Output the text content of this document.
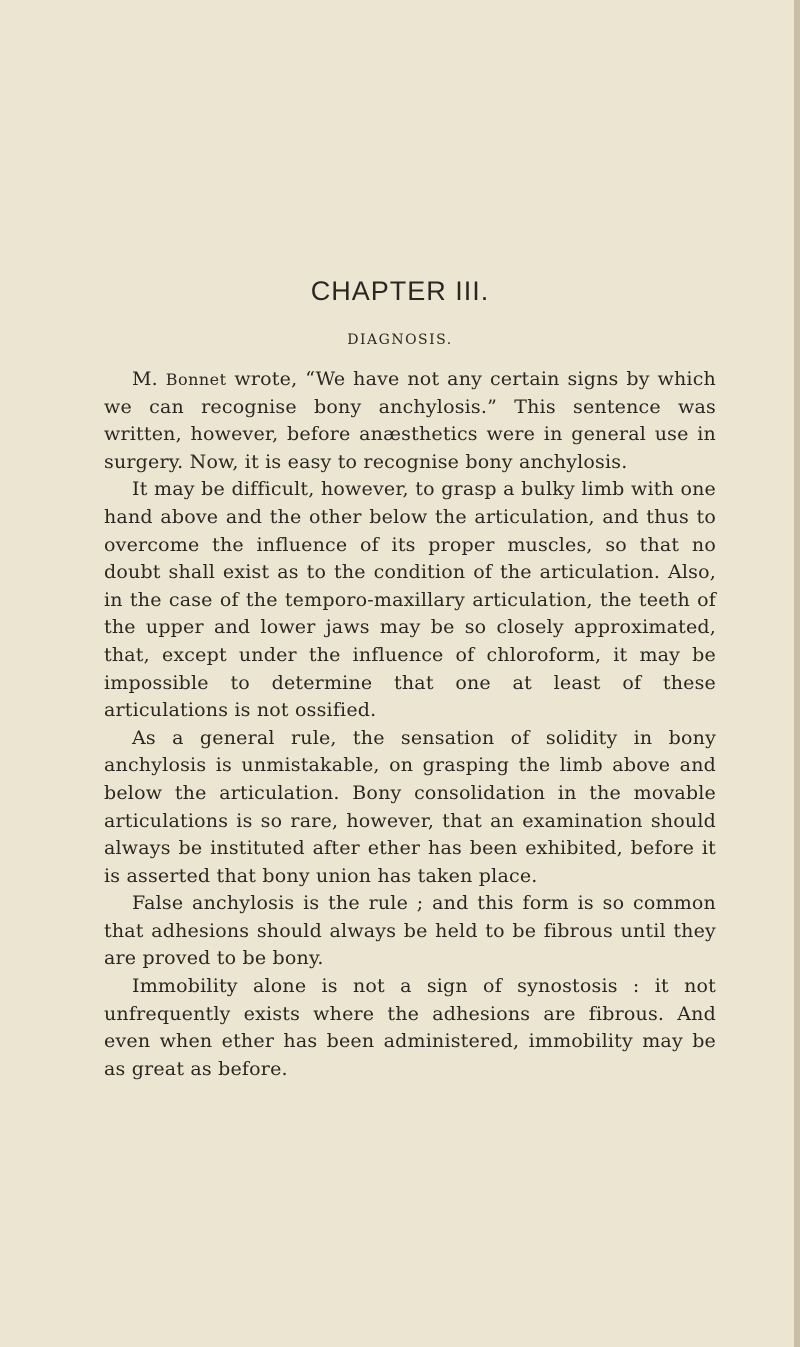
CHAPTER III.
DIAGNOSIS.

M. Bonnet wrote, “We have not any certain signs by which we can recognise bony anchylosis.” This sentence was written, however, before anæsthetics were in general use in surgery. Now, it is easy to recognise bony anchylosis.

It may be difficult, however, to grasp a bulky limb with one hand above and the other below the articulation, and thus to overcome the influence of its proper muscles, so that no doubt shall exist as to the condition of the articulation. Also, in the case of the temporo-maxillary articulation, the teeth of the upper and lower jaws may be so closely approximated, that, except under the influence of chloroform, it may be impossible to determine that one at least of these articulations is not ossified.

As a general rule, the sensation of solidity in bony anchylosis is unmistakable, on grasping the limb above and below the articulation. Bony consolidation in the movable articulations is so rare, however, that an examination should always be instituted after ether has been exhibited, before it is asserted that bony union has taken place.

False anchylosis is the rule ; and this form is so common that adhesions should always be held to be fibrous until they are proved to be bony.

Immobility alone is not a sign of synostosis : it not unfrequently exists where the adhesions are fibrous. And even when ether has been administered, immobility may be as great as before.
